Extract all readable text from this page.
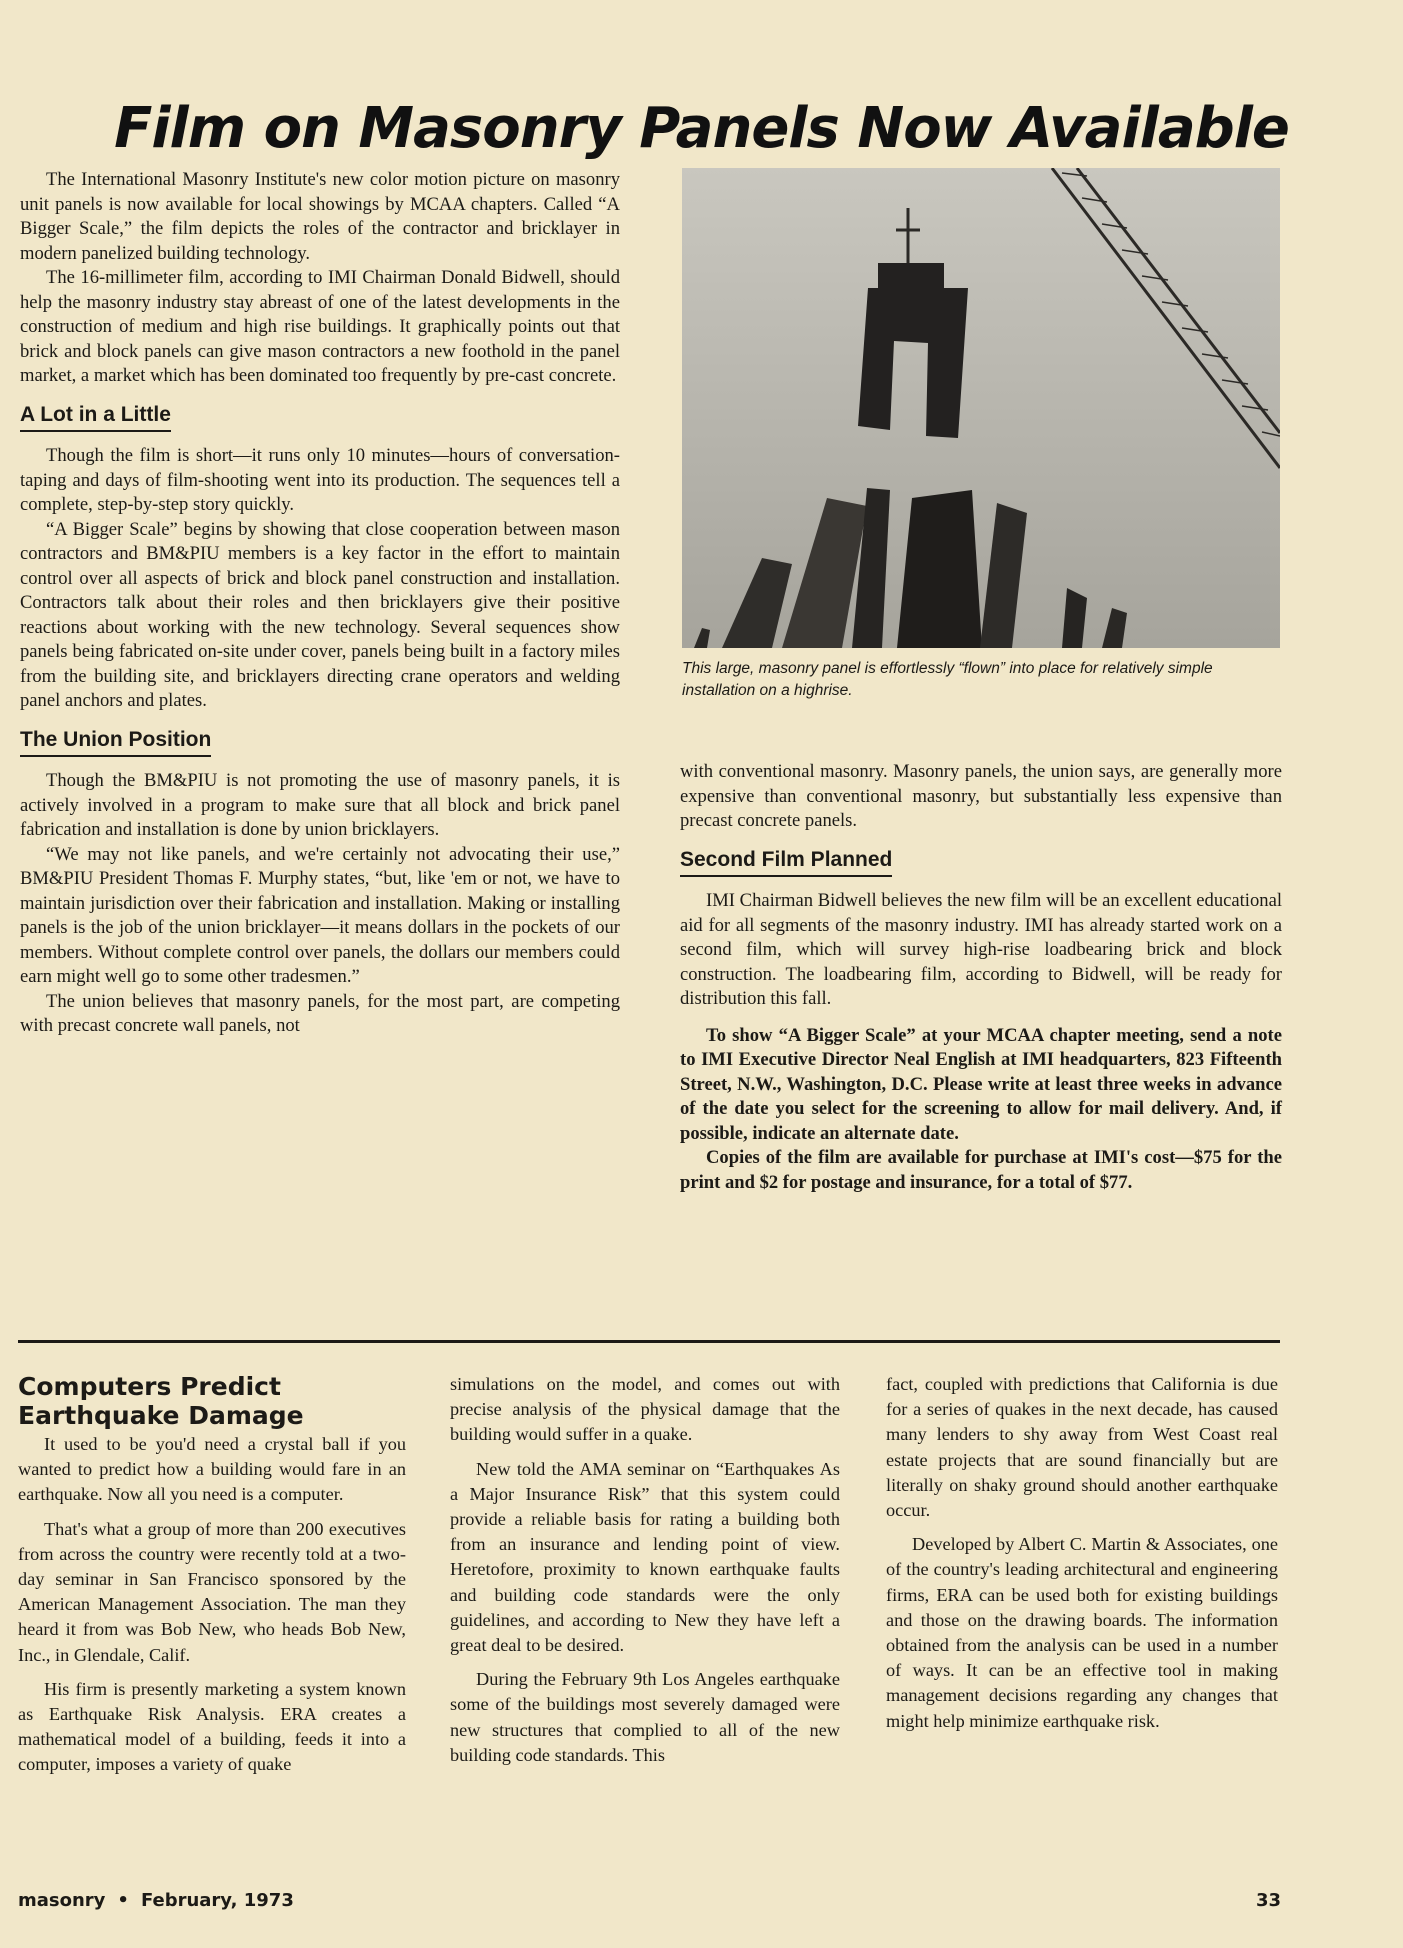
Film on Masonry Panels Now Available

The International Masonry Institute's new color motion picture on masonry unit panels is now available for local showings by MCAA chapters. Called “A Bigger Scale,” the film depicts the roles of the contractor and bricklayer in modern panelized building technology.

The 16-millimeter film, according to IMI Chairman Donald Bidwell, should help the masonry industry stay abreast of one of the latest developments in the construction of medium and high rise buildings. It graphically points out that brick and block panels can give mason contractors a new foothold in the panel market, a market which has been dominated too frequently by pre-cast concrete.

A Lot in a Little

Though the film is short—it runs only 10 minutes—hours of conversation-taping and days of film-shooting went into its production. The sequences tell a complete, step-by-step story quickly.

“A Bigger Scale” begins by showing that close cooperation between mason contractors and BM&PIU members is a key factor in the effort to maintain control over all aspects of brick and block panel construction and installation. Contractors talk about their roles and then bricklayers give their positive reactions about working with the new technology. Several sequences show panels being fabricated on-site under cover, panels being built in a factory miles from the building site, and bricklayers directing crane operators and welding panel anchors and plates.

The Union Position

Though the BM&PIU is not promoting the use of masonry panels, it is actively involved in a program to make sure that all block and brick panel fabrication and installation is done by union bricklayers.

“We may not like panels, and we're certainly not advocating their use,” BM&PIU President Thomas F. Murphy states, “but, like 'em or not, we have to maintain jurisdiction over their fabrication and installation. Making or installing panels is the job of the union bricklayer—it means dollars in the pockets of our members. Without complete control over panels, the dollars our members could earn might well go to some other tradesmen.”

The union believes that masonry panels, for the most part, are competing with precast concrete wall panels, not

This large, masonry panel is effortlessly “flown” into place for relatively simple installation on a highrise.

with conventional masonry. Masonry panels, the union says, are generally more expensive than conventional masonry, but substantially less expensive than precast concrete panels.

Second Film Planned

IMI Chairman Bidwell believes the new film will be an excellent educational aid for all segments of the masonry industry. IMI has already started work on a second film, which will survey high-rise loadbearing brick and block construction. The loadbearing film, according to Bidwell, will be ready for distribution this fall.

To show “A Bigger Scale” at your MCAA chapter meeting, send a note to IMI Executive Director Neal English at IMI headquarters, 823 Fifteenth Street, N.W., Washington, D.C. Please write at least three weeks in advance of the date you select for the screening to allow for mail delivery. And, if possible, indicate an alternate date.

Copies of the film are available for purchase at IMI's cost—$75 for the print and $2 for postage and insurance, for a total of $77.

Computers Predict
Earthquake Damage

It used to be you'd need a crystal ball if you wanted to predict how a building would fare in an earthquake. Now all you need is a computer.

That's what a group of more than 200 executives from across the country were recently told at a two-day seminar in San Francisco sponsored by the American Management Association. The man they heard it from was Bob New, who heads Bob New, Inc., in Glendale, Calif.

His firm is presently marketing a system known as Earthquake Risk Analysis. ERA creates a mathematical model of a building, feeds it into a computer, imposes a variety of quake

simulations on the model, and comes out with precise analysis of the physical damage that the building would suffer in a quake.

New told the AMA seminar on “Earthquakes As a Major Insurance Risk” that this system could provide a reliable basis for rating a building both from an insurance and lending point of view. Heretofore, proximity to known earthquake faults and building code standards were the only guidelines, and according to New they have left a great deal to be desired.

During the February 9th Los Angeles earthquake some of the buildings most severely damaged were new structures that complied to all of the new building code standards. This

fact, coupled with predictions that California is due for a series of quakes in the next decade, has caused many lenders to shy away from West Coast real estate projects that are sound financially but are literally on shaky ground should another earthquake occur.

Developed by Albert C. Martin & Associates, one of the country's leading architectural and engineering firms, ERA can be used both for existing buildings and those on the drawing boards. The information obtained from the analysis can be used in a number of ways. It can be an effective tool in making management decisions regarding any changes that might help minimize earthquake risk.

masonry • February, 1973	33
